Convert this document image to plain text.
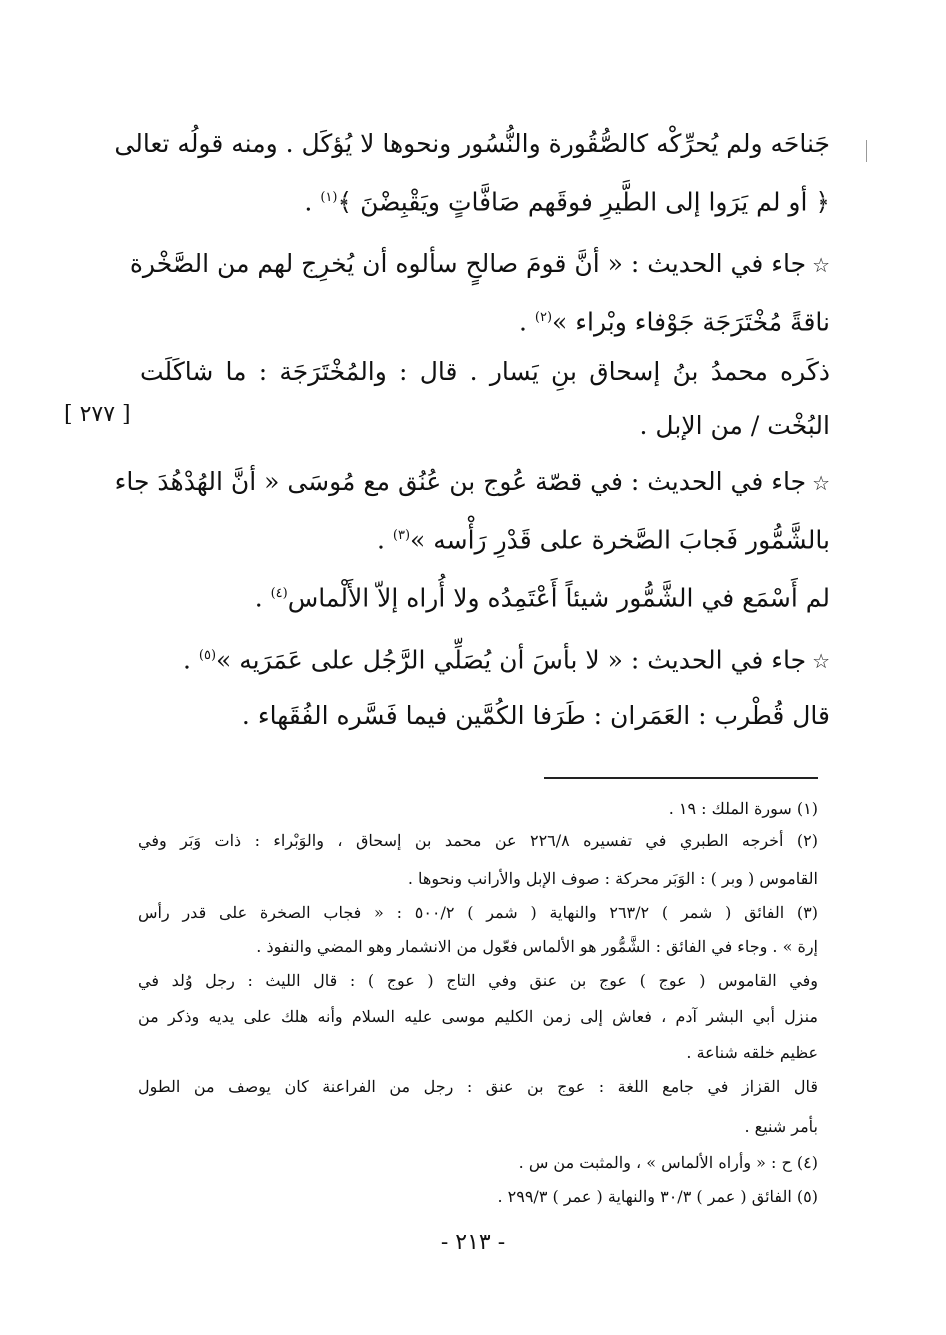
جَناحَه ولم يُحرِّكْه كالصُّقُورة والنُّسُور ونحوها لا يُؤكَل . ومنه قولُه تعالى
﴿ أو لم يَرَوا إلى الطَّيرِ فوقَهم صَافَّاتٍ ويَقْبِضْنَ ﴾$^{(١)}$ .
☆جاء في الحديث : « أنَّ قومَ صالحٍ سألوه أن يُخرِج لهم من الصَّخْرة
ناقةً مُخْتَرَجَة جَوْفاء وبْراء »$^{(٢)}$ .
ذكَره محمدُ بنُ إسحاق بنِ يَسار . قال : والمُخْتَرَجَة : ما شاكَلَت
البُخْت / من الإبل .
☆جاء في الحديث : في قصّة عُوج بن عُنُق مع مُوسَى « أنَّ الهُدْهُدَ جاء
بالشَّمُّور فَجابَ الصَّخرة على قَدْرِ رَأْسه »$^{(٣)}$ .
لم أَسْمَع في الشَّمُّور شيئاً أَعْتَمِدُه ولا أُراه إلاّ الأَلْماس$^{(٤)}$ .
☆جاء في الحديث : « لا بأسَ أن يُصَلِّي الرَّجُل على عَمَرَيه »$^{(٥)}$ .
قال قُطْرب : العَمَران : طَرَفا الكُمَّين فيما فَسَّره الفُقَهاء .
[ ٢٧٧ ]
(١) سورة الملك : ١٩ .
(٢) أخرجه الطبري في تفسيره ٢٢٦/٨ عن محمد بن إسحاق ، والوَبْراء : ذات وَبَر وفي
القاموس ( وبر ) : الوَبَر محركة : صوف الإبل والأرانب ونحوها .
(٣) الفائق ( شمر ) ٢٦٣/٢ والنهاية ( شمر ) ٥٠٠/٢ : « فجاب الصخرة على قدر رأس
إرة » . وجاء في الفائق : الشَّمُّور هو الألماس فعّول من الانشمار وهو المضي والنفوذ .
وفي القاموس ( عوج ) عوج بن عنق وفي التاج ( عوج ) : قال الليث : رجل وُلد في
منزل أبي البشر آدم ، فعاش إلى زمن الكليم موسى عليه السلام وأنه هلك على يديه وذكر من
عظيم خلقه شناعة .
قال القزاز في جامع اللغة : عوج بن عنق : رجل من الفراعنة كان يوصف من الطول
بأمر شنيع .
(٤) ح : « وأراه الألماس » ، والمثبت من س .
(٥) الفائق ( عمر ) ٣٠/٣ والنهاية ( عمر ) ٢٩٩/٣ .
- ٢١٣ -
